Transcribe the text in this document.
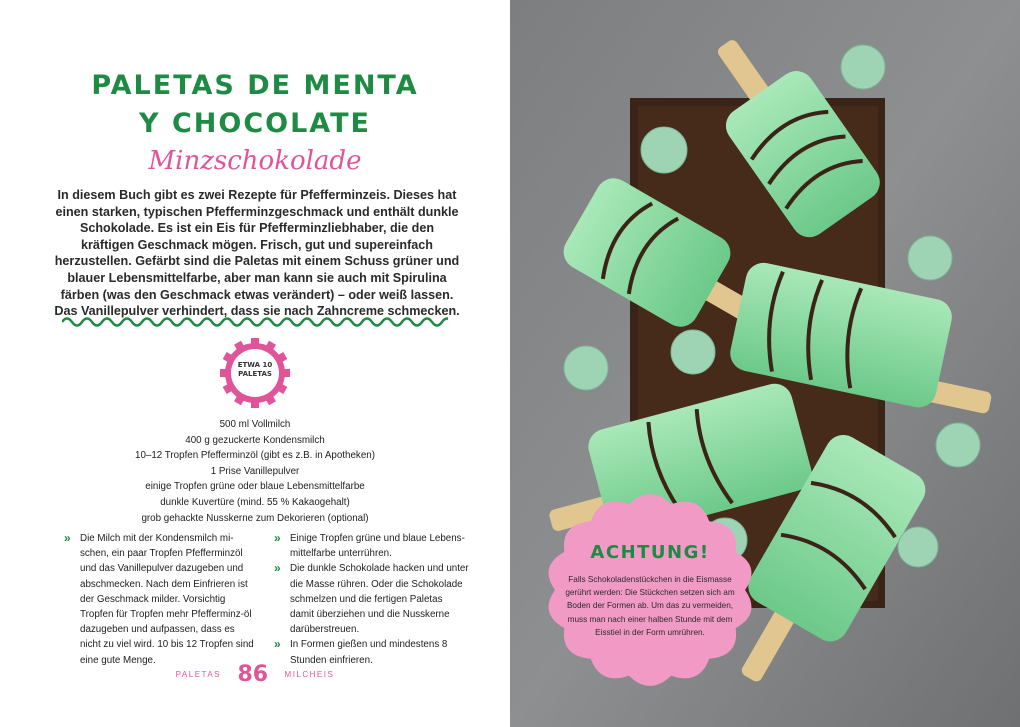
PALETAS DE MENTA
Y CHOCOLATE
Minzschokolade
In diesem Buch gibt es zwei Rezepte für Pfefferminzeis. Dieses hat einen starken, typischen Pfefferminzgeschmack und enthält dunkle Schokolade. Es ist ein Eis für Pfefferminzliebhaber, die den kräftigen Geschmack mögen. Frisch, gut und supereinfach herzustellen. Gefärbt sind die Paletas mit einem Schuss grüner und blauer Lebensmittelfarbe, aber man kann sie auch mit Spirulina färben (was den Geschmack etwas verändert) – oder weiß lassen. Das Vanillepulver verhindert, dass sie nach Zahncreme schmecken.
ETWA 10
PALETAS
500 ml Vollmilch
400 g gezuckerte Kondensmilch
10–12 Tropfen Pfefferminzöl (gibt es z.B. in Apotheken)
1 Prise Vanillepulver
einige Tropfen grüne oder blaue Lebensmittelfarbe
dunkle Kuvertüre (mind. 55 % Kakaogehalt)
grob gehackte Nusskerne zum Dekorieren (optional)
» Die Milch mit der Kondensmilch mi-schen, ein paar Tropfen Pfefferminzöl und das Vanillepulver dazugeben und abschmecken. Nach dem Einfrieren ist der Geschmack milder. Vorsichtig Tropfen für Tropfen mehr Pfefferminz-öl dazugeben und aufpassen, dass es nicht zu viel wird. 10 bis 12 Tropfen sind eine gute Menge.
» Einige Tropfen grüne und blaue Lebens-mittelfarbe unterrühren.
» Die dunkle Schokolade hacken und unter die Masse rühren. Oder die Schokolade schmelzen und die fertigen Paletas damit überziehen und die Nusskerne darüberstreuen.
» In Formen gießen und mindestens 8 Stunden einfrieren.
PALETAS 86 MILCHEIS
ACHTUNG!
Falls Schokoladenstückchen in die Eismasse gerührt werden: Die Stückchen setzen sich am Boden der Formen ab. Um das zu vermeiden, muss man nach einer halben Stunde mit dem Eisstiel in der Form umrühren.
